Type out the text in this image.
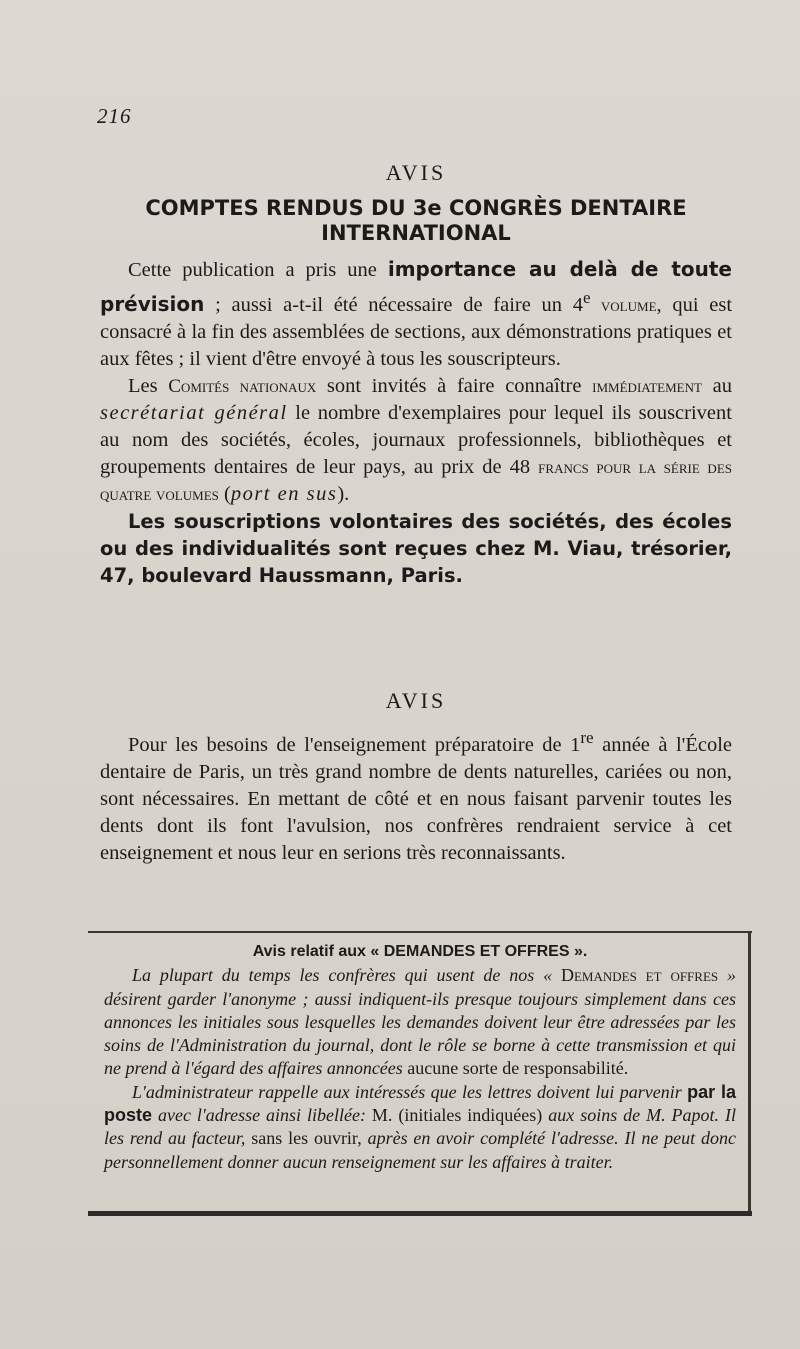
216
AVIS
COMPTES RENDUS DU 3e CONGRÈS DENTAIRE
INTERNATIONAL

Cette publication a pris une importance au delà de toute prévision ; aussi a-t-il été nécessaire de faire un 4e volume, qui est consacré à la fin des assemblées de sections, aux démonstrations pratiques et aux fêtes ; il vient d'être envoyé à tous les souscripteurs.

Les Comités nationaux sont invités à faire connaître immédiatement au secrétariat général le nombre d'exemplaires pour lequel ils souscrivent au nom des sociétés, écoles, journaux professionnels, bibliothèques et groupements dentaires de leur pays, au prix de 48 francs pour la série des quatre volumes (port en sus).

Les souscriptions volontaires des sociétés, des écoles ou des individualités sont reçues chez M. Viau, trésorier, 47, boulevard Haussmann, Paris.

AVIS

Pour les besoins de l'enseignement préparatoire de 1re année à l'École dentaire de Paris, un très grand nombre de dents naturelles, cariées ou non, sont nécessaires. En mettant de côté et en nous faisant parvenir toutes les dents dont ils font l'avulsion, nos confrères rendraient service à cet enseignement et nous leur en serions très reconnaissants.

Avis relatif aux « DEMANDES ET OFFRES ».

La plupart du temps les confrères qui usent de nos « Demandes et offres » désirent garder l'anonyme ; aussi indiquent-ils presque toujours simplement dans ces annonces les initiales sous lesquelles les demandes doivent leur être adressées par les soins de l'Administration du journal, dont le rôle se borne à cette transmission et qui ne prend à l'égard des affaires annoncées aucune sorte de responsabilité.

L'administrateur rappelle aux intéressés que les lettres doivent lui parvenir par la poste avec l'adresse ainsi libellée: M. (initiales indiquées) aux soins de M. Papot. Il les rend au facteur, sans les ouvrir, après en avoir complété l'adresse. Il ne peut donc personnellement donner aucun renseignement sur les affaires à traiter.
